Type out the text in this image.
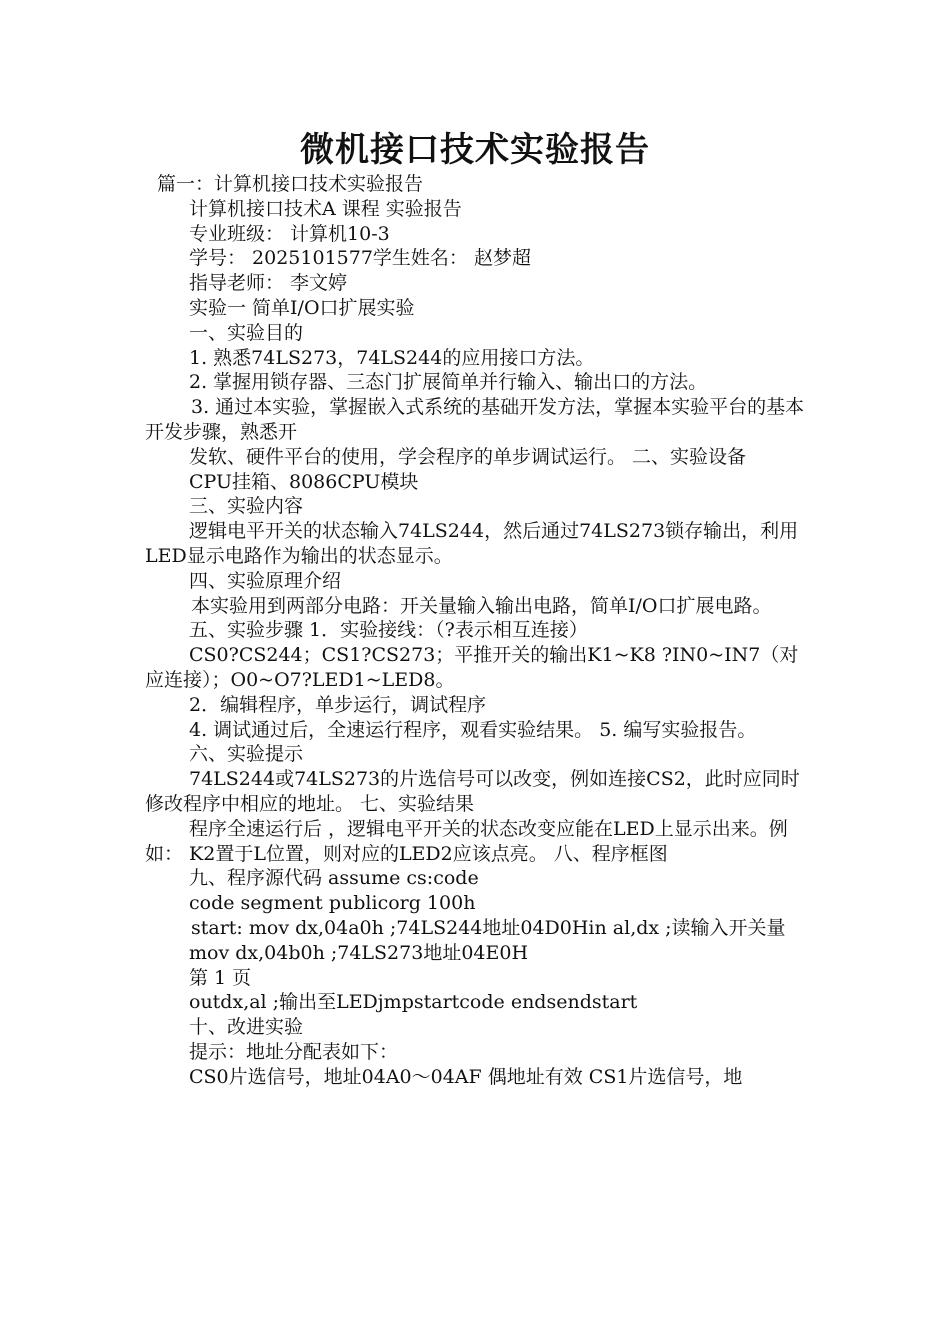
微机接口技术实验报告

篇一：计算机接口技术实验报告

计算机接口技术A 课程 实验报告

专业班级： 计算机10-3

学号： 2025101577学生姓名： 赵梦超

指导老师： 李文婷

实验一 简单I/O口扩展实验

一、实验目的

1. 熟悉74LS273，74LS244的应用接口方法。

2. 掌握用锁存器、三态门扩展简单并行输入、输出口的方法。

3. 通过本实验，掌握嵌入式系统的基础开发方法，掌握本实验平台的基本开发步骤，熟悉开

发软、硬件平台的使用，学会程序的单步调试运行。 二、实验设备

CPU挂箱、8086CPU模块

三、实验内容

逻辑电平开关的状态输入74LS244，然后通过74LS273锁存输出，利用LED显示电路作为输出的状态显示。

四、实验原理介绍

本实验用到两部分电路：开关量输入输出电路，简单I/O口扩展电路。

五、实验步骤 1．实验接线：（?表示相互连接）

CS0?CS244；CS1?CS273；平推开关的输出K1~K8 ?IN0~IN7（对应连接）；O0~O7?LED1~LED8。

2．编辑程序，单步运行，调试程序

4. 调试通过后，全速运行程序，观看实验结果。 5. 编写实验报告。

六、实验提示

74LS244或74LS273的片选信号可以改变，例如连接CS2，此时应同时修改程序中相应的地址。 七、实验结果

程序全速运行后 ，逻辑电平开关的状态改变应能在LED上显示出来。例如： K2置于L位置，则对应的LED2应该点亮。 八、程序框图

九、程序源代码 assume cs:code

code segment publicorg 100h

start: mov dx,04a0h ;74LS244地址04D0Hin al,dx ;读输入开关量

mov dx,04b0h ;74LS273地址04E0H

第 1 页

outdx,al ;输出至LEDjmpstartcode endsendstart

十、改进实验

提示：地址分配表如下：

CS0片选信号，地址04A0～04AF 偶地址有效 CS1片选信号，地
